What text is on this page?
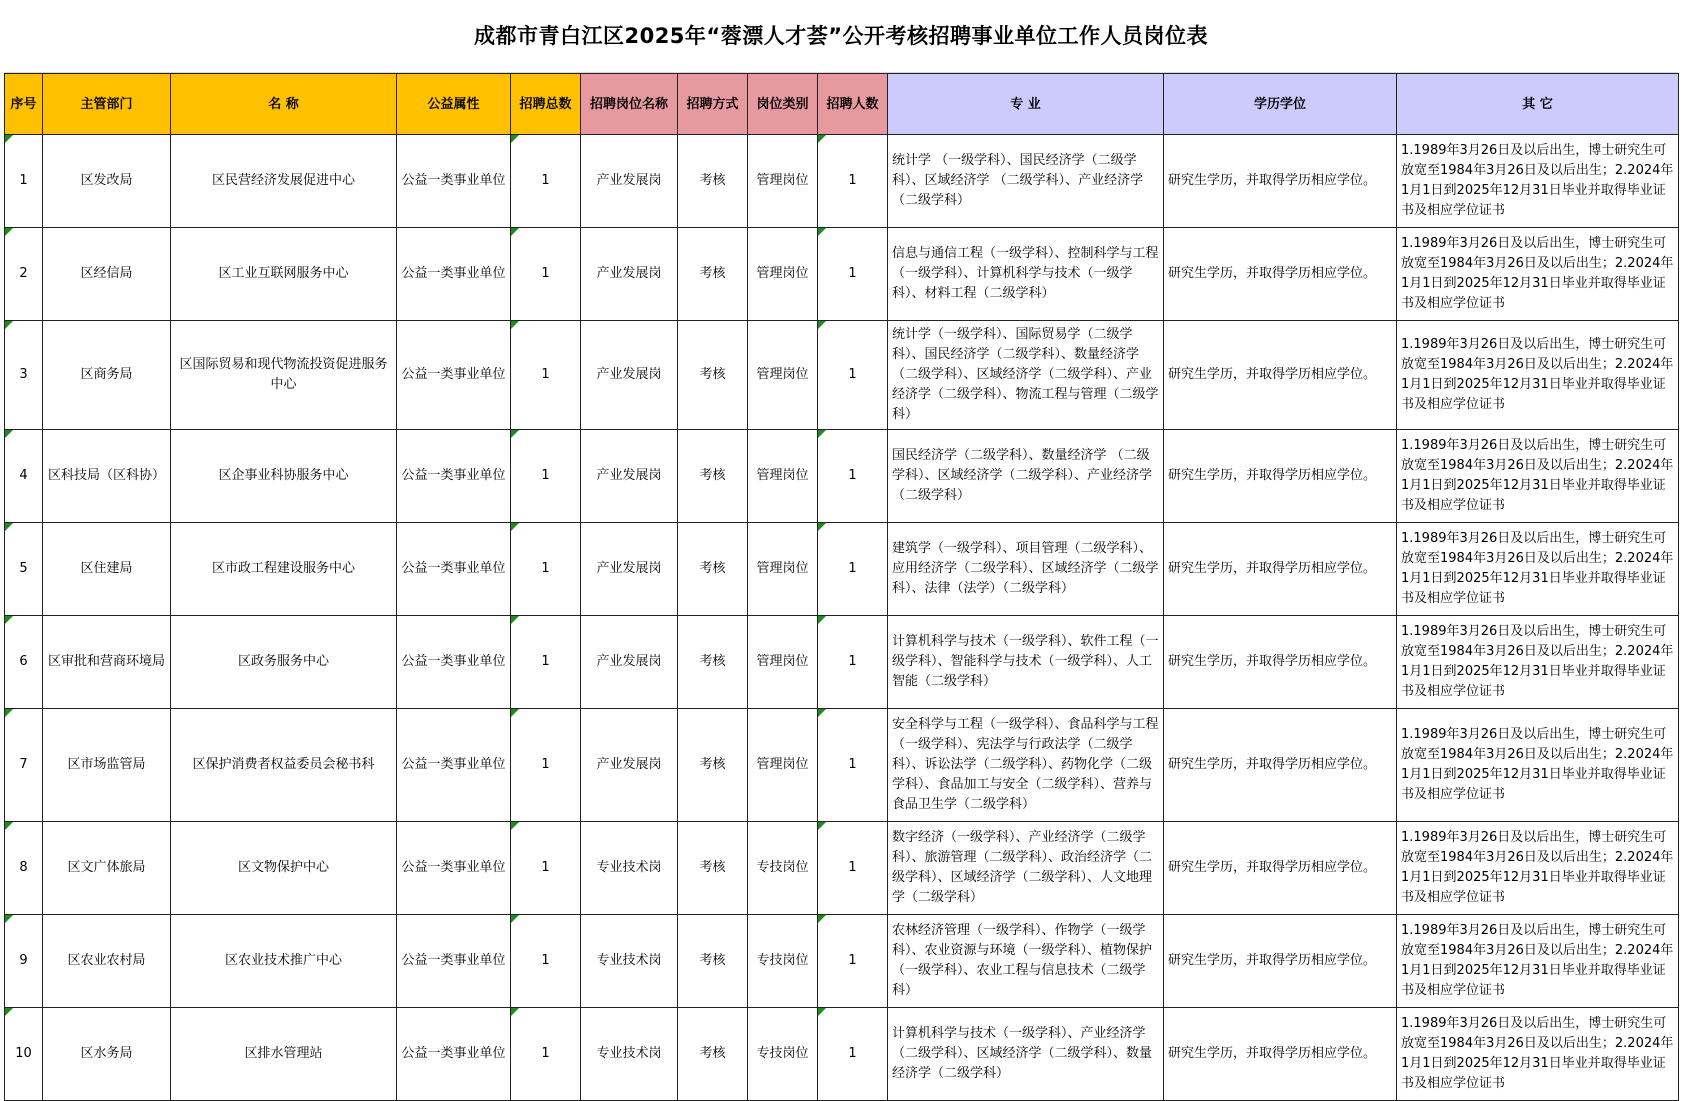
成都市青白江区2025年“蓉漂人才荟”公开考核招聘事业单位工作人员岗位表
序号	主管部门	名 称	公益属性	招聘总数	招聘岗位名称	招聘方式	岗位类别	招聘人数	专 业	学历学位	其 它
1	区发改局	区民营经济发展促进中心	公益一类事业单位	1	产业发展岗	考核	管理岗位	1	统计学 （一级学科）、国民经济学（二级学科）、区域经济学 （二级学科）、产业经济学（二级学科）	研究生学历，并取得学历相应学位。	1.1989年3月26日及以后出生，博士研究生可放宽至1984年3月26日及以后出生；2.2024年1月1日到2025年12月31日毕业并取得毕业证书及相应学位证书
2	区经信局	区工业互联网服务中心	公益一类事业单位	1	产业发展岗	考核	管理岗位	1	信息与通信工程（一级学科）、控制科学与工程（一级学科）、计算机科学与技术（一级学科）、材料工程（二级学科）	研究生学历，并取得学历相应学位。	1.1989年3月26日及以后出生，博士研究生可放宽至1984年3月26日及以后出生；2.2024年1月1日到2025年12月31日毕业并取得毕业证书及相应学位证书
3	区商务局	区国际贸易和现代物流投资促进服务中心	公益一类事业单位	1	产业发展岗	考核	管理岗位	1	统计学（一级学科）、国际贸易学（二级学科）、国民经济学（二级学科）、数量经济学（二级学科）、区域经济学（二级学科）、产业经济学（二级学科）、物流工程与管理（二级学科）	研究生学历，并取得学历相应学位。	1.1989年3月26日及以后出生，博士研究生可放宽至1984年3月26日及以后出生；2.2024年1月1日到2025年12月31日毕业并取得毕业证书及相应学位证书
4	区科技局（区科协）	区企事业科协服务中心	公益一类事业单位	1	产业发展岗	考核	管理岗位	1	国民经济学（二级学科）、数量经济学 （二级学科）、区域经济学（二级学科）、产业经济学 （二级学科）	研究生学历，并取得学历相应学位。	1.1989年3月26日及以后出生，博士研究生可放宽至1984年3月26日及以后出生；2.2024年1月1日到2025年12月31日毕业并取得毕业证书及相应学位证书
5	区住建局	区市政工程建设服务中心	公益一类事业单位	1	产业发展岗	考核	管理岗位	1	建筑学（一级学科）、项目管理（二级学科）、应用经济学（二级学科）、区域经济学（二级学科）、法律（法学）（二级学科）	研究生学历，并取得学历相应学位。	1.1989年3月26日及以后出生，博士研究生可放宽至1984年3月26日及以后出生；2.2024年1月1日到2025年12月31日毕业并取得毕业证书及相应学位证书
6	区审批和营商环境局	区政务服务中心	公益一类事业单位	1	产业发展岗	考核	管理岗位	1	计算机科学与技术（一级学科）、软件工程（一级学科）、智能科学与技术（一级学科）、人工智能（二级学科）	研究生学历，并取得学历相应学位。	1.1989年3月26日及以后出生，博士研究生可放宽至1984年3月26日及以后出生；2.2024年1月1日到2025年12月31日毕业并取得毕业证书及相应学位证书
7	区市场监管局	区保护消费者权益委员会秘书科	公益一类事业单位	1	产业发展岗	考核	管理岗位	1	安全科学与工程（一级学科）、食品科学与工程（一级学科）、宪法学与行政法学（二级学科）、诉讼法学（二级学科）、药物化学（二级学科）、食品加工与安全（二级学科）、营养与食品卫生学（二级学科）	研究生学历，并取得学历相应学位。	1.1989年3月26日及以后出生，博士研究生可放宽至1984年3月26日及以后出生；2.2024年1月1日到2025年12月31日毕业并取得毕业证书及相应学位证书
8	区文广体旅局	区文物保护中心	公益一类事业单位	1	专业技术岗	考核	专技岗位	1	数字经济（一级学科）、产业经济学（二级学科）、旅游管理（二级学科）、政治经济学（二级学科）、区域经济学（二级学科）、人文地理学（二级学科）	研究生学历，并取得学历相应学位。	1.1989年3月26日及以后出生，博士研究生可放宽至1984年3月26日及以后出生；2.2024年1月1日到2025年12月31日毕业并取得毕业证书及相应学位证书
9	区农业农村局	区农业技术推广中心	公益一类事业单位	1	专业技术岗	考核	专技岗位	1	农林经济管理（一级学科）、作物学（一级学科）、农业资源与环境（一级学科）、植物保护（一级学科）、农业工程与信息技术（二级学科）	研究生学历，并取得学历相应学位。	1.1989年3月26日及以后出生，博士研究生可放宽至1984年3月26日及以后出生；2.2024年1月1日到2025年12月31日毕业并取得毕业证书及相应学位证书
10	区水务局	区排水管理站	公益一类事业单位	1	专业技术岗	考核	专技岗位	1	计算机科学与技术（一级学科）、产业经济学（二级学科）、区域经济学（二级学科）、数量经济学（二级学科）	研究生学历，并取得学历相应学位。	1.1989年3月26日及以后出生，博士研究生可放宽至1984年3月26日及以后出生；2.2024年1月1日到2025年12月31日毕业并取得毕业证书及相应学位证书
